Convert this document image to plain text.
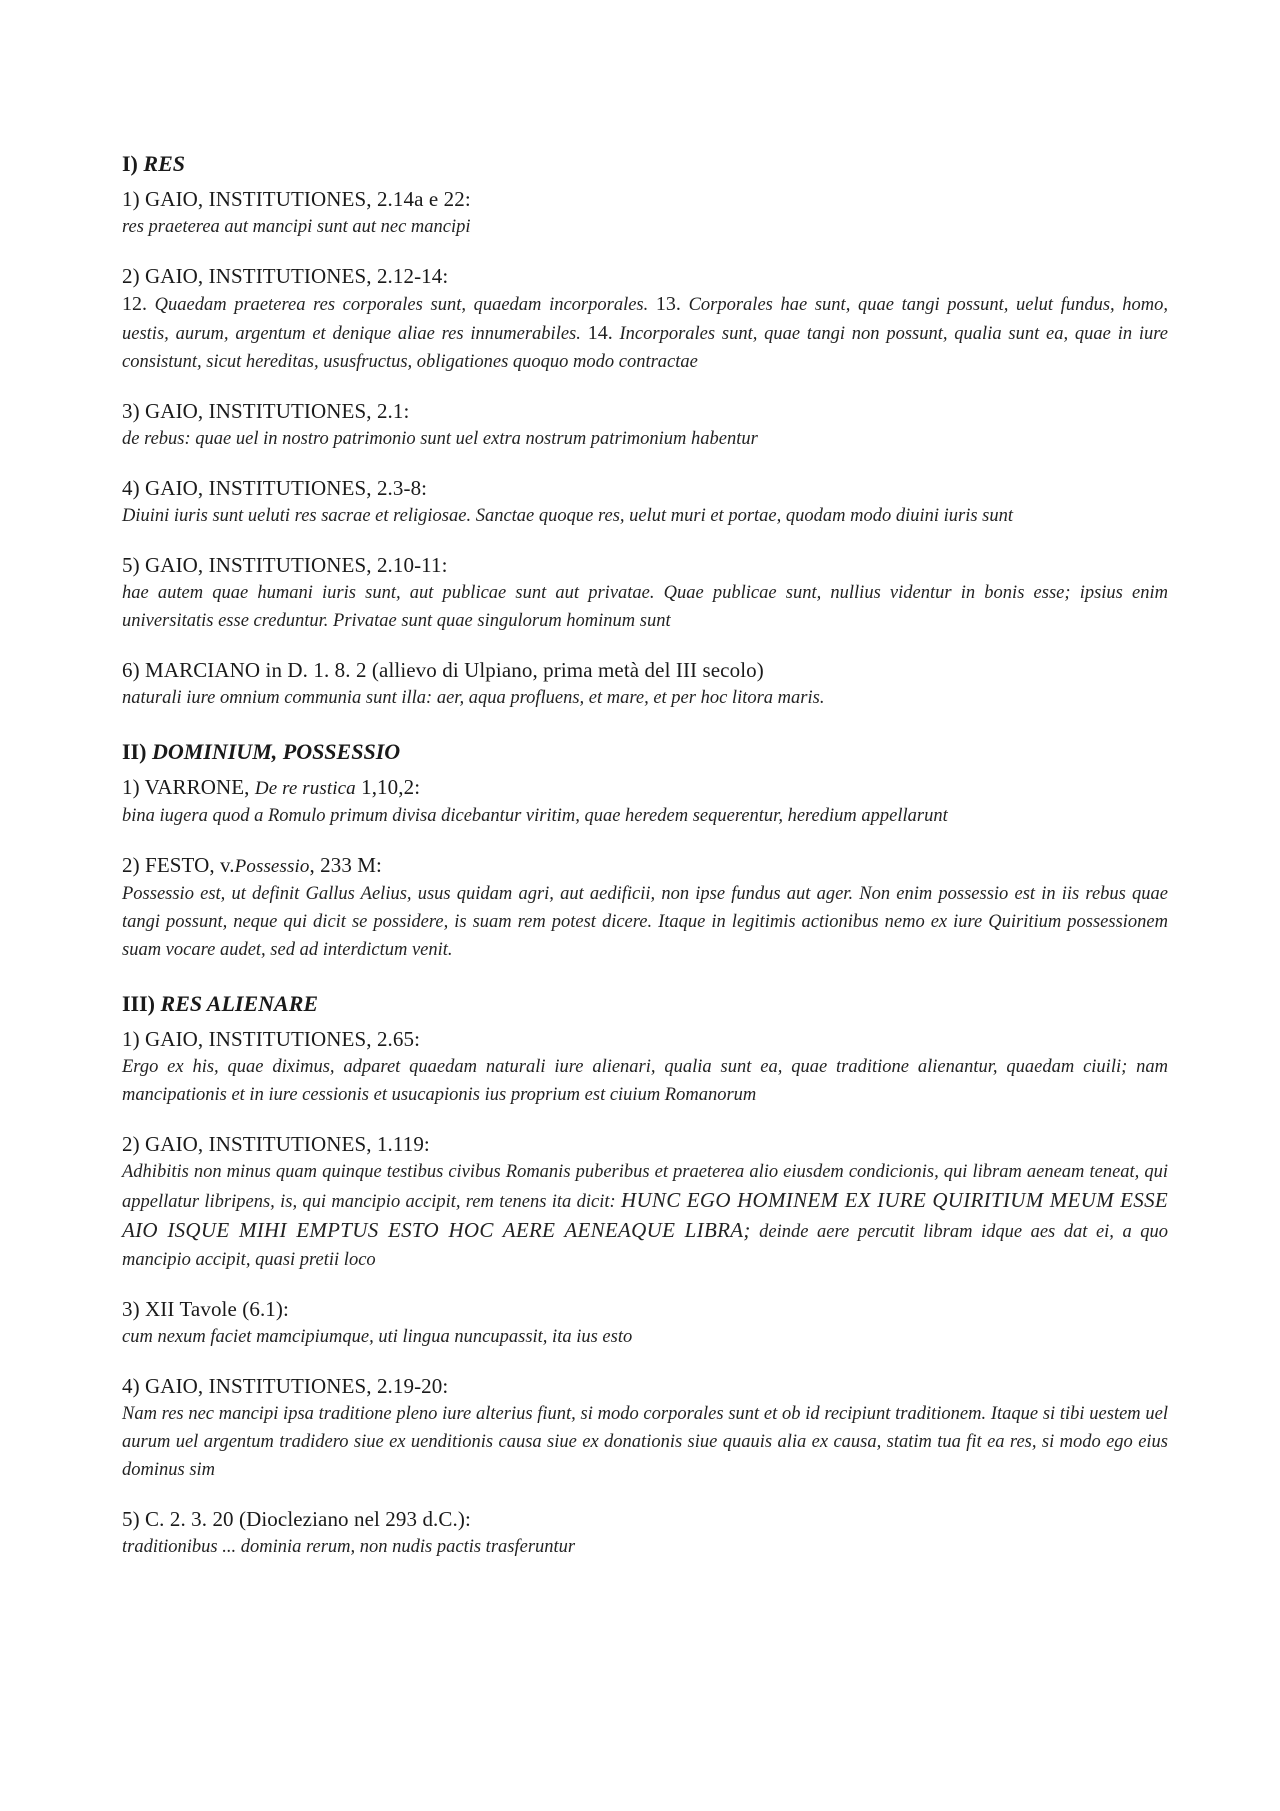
I) RES
1) GAIO, INSTITUTIONES, 2.14a e 22:
res praeterea aut mancipi sunt aut nec mancipi
2) GAIO, INSTITUTIONES, 2.12-14:
12. Quaedam praeterea res corporales sunt, quaedam incorporales. 13. Corporales hae sunt, quae tangi possunt, uelut fundus, homo, uestis, aurum, argentum et denique aliae res innumerabiles. 14. Incorporales sunt, quae tangi non possunt, qualia sunt ea, quae in iure consistunt, sicut hereditas, ususfructus, obligationes quoquo modo contractae
3) GAIO, INSTITUTIONES, 2.1:
de rebus: quae uel in nostro patrimonio sunt uel extra nostrum patrimonium habentur
4) GAIO, INSTITUTIONES, 2.3-8:
Diuini iuris sunt ueluti res sacrae et religiosae. Sanctae quoque res, uelut muri et portae, quodam modo diuini iuris sunt
5) GAIO, INSTITUTIONES, 2.10-11:
hae autem quae humani iuris sunt, aut publicae sunt aut privatae. Quae publicae sunt, nullius videntur in bonis esse; ipsius enim universitatis esse creduntur. Privatae sunt quae singulorum hominum sunt
6) MARCIANO in D. 1. 8. 2 (allievo di Ulpiano, prima metà del III secolo)
naturali iure omnium communia sunt illa: aer, aqua profluens, et mare, et per hoc litora maris.
II) DOMINIUM, POSSESSIO
1) VARRONE, De re rustica 1,10,2:
bina iugera quod a Romulo primum divisa dicebantur viritim, quae heredem sequerentur, heredium appellarunt
2) FESTO, v.Possessio, 233 M:
Possessio est, ut definit Gallus Aelius, usus quidam agri, aut aedificii, non ipse fundus aut ager. Non enim possessio est in iis rebus quae tangi possunt, neque qui dicit se possidere, is suam rem potest dicere. Itaque in legitimis actionibus nemo ex iure Quiritium possessionem suam vocare audet, sed ad interdictum venit.
III) RES ALIENARE
1) GAIO, INSTITUTIONES, 2.65:
Ergo ex his, quae diximus, adparet quaedam naturali iure alienari, qualia sunt ea, quae traditione alienantur, quaedam ciuili; nam mancipationis et in iure cessionis et usucapionis ius proprium est ciuium Romanorum
2) GAIO, INSTITUTIONES, 1.119:
Adhibitis non minus quam quinque testibus civibus Romanis puberibus et praeterea alio eiusdem condicionis, qui libram aeneam teneat, qui appellatur libripens, is, qui mancipio accipit, rem tenens ita dicit: HUNC EGO HOMINEM EX IURE QUIRITIUM MEUM ESSE AIO ISQUE MIHI EMPTUS ESTO HOC AERE AENEAQUE LIBRA; deinde aere percutit libram idque aes dat ei, a quo mancipio accipit, quasi pretii loco
3) XII Tavole (6.1):
cum nexum faciet mamcipiumque, uti lingua nuncupassit, ita ius esto
4) GAIO, INSTITUTIONES, 2.19-20:
Nam res nec mancipi ipsa traditione pleno iure alterius fiunt, si modo corporales sunt et ob id recipiunt traditionem. Itaque si tibi uestem uel aurum uel argentum tradidero siue ex uenditionis causa siue ex donationis siue quauis alia ex causa, statim tua fit ea res, si modo ego eius dominus sim
5) C. 2. 3. 20 (Diocleziano nel 293 d.C.):
traditionibus ... dominia rerum, non nudis pactis trasferuntur
